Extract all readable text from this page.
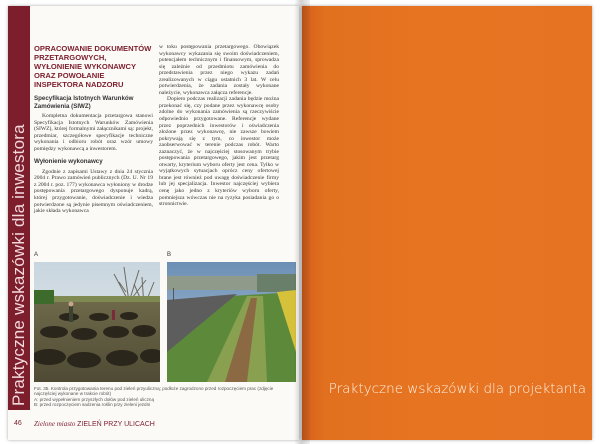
Praktyczne wskazówki dla inwestora
OPRACOWANIE DOKUMENTÓW PRZETARGOWYCH, WYŁONIENIE WYKONAWCY ORAZ POWOŁANIE INSPEKTORA NADZORU
Specyfikacja Istotnych Warunków Zamówienia (SIWZ)

Kompletna dokumentacja przetargowa stanowi Specyfikacja Istotnych Warunków Zamówienia (SIWZ), której formalnymi załącznikami są: projekt, przedmiar, szczegółowe specyfikacje techniczne wykonania i odbioru robót oraz wzór umowy pomiędzy wykonawcą a inwestorem.

Wyłonienie wykonawcy

Zgodnie z zapisami Ustawy z dnia 24 stycznia 2004 r. Prawo zamówień publicznych (Dz. U. Nr 19 z 2004 r. poz. 177) wykonawca wyłoniony w drodze postępowania przetargowego dysponuje kadrą, której przygotowanie, doświadczenie i wiedza potwierdzone są jedynie pisemnym oświadczeniem, jakie składa wykonawca

w toku postępowania przetargowego. Obowiązek wykonawcy wykazania się swoim doświadczeniem, potencjałem technicznym i finansowym, sprowadza się zależnie od przedmiotu zamówienia do przedstawienia przez niego wykazu zadań zrealizowanych w ciągu ostatnich 3 lat. W celu potwierdzenia, że zadania zostały wykonane należycie, wykonawca załącza referencje.

Dopiero podczas realizacji zadania będzie można przekonać się, czy podane przez wykonawcę osoby zdolne do wykonania zamówienia są rzeczywiście odpowiednio przygotowane. Referencje wydane przez poprzednich inwestorów i oświadczenia złożone przez wykonawcę, nie zawsze bowiem pokrywają się z tym, co inwestor może zaobserwować w terenie podczas robót. Warto zaznaczyć, że w najczęściej stosowanym trybie postępowania przetargowego, jakim jest przetarg otwarty, kryterium wyboru oferty jest cena. Tylko w wyjątkowych sytuacjach oprócz ceny ofertowej brane jest również pod uwagę doświadczenie firmy lub jej specjalizacja. Inwestor najczęściej wybiera cenę jako jedno z kryteriów wyboru oferty, pomniejsza wówczas nie na ryzyka posiadania go o stronnictwie.

A	B
Fot. 35. Kontrola przygotowania terenu pod zieleń przyuliczną; podłoże zagrodzono przed rozpoczęciem prac (zdjęcie najczęściej wykonane w trakcie robót)
A: przed wypełnieniem przyszłych dołów pod zieleń uliczną
B: przed rozpoczęciem sadzenia roślin przy zieleni jezdni
46 Zielone miasto ZIELEŃ PRZY ULICACH
Praktyczne wskazówki dla projektanta
